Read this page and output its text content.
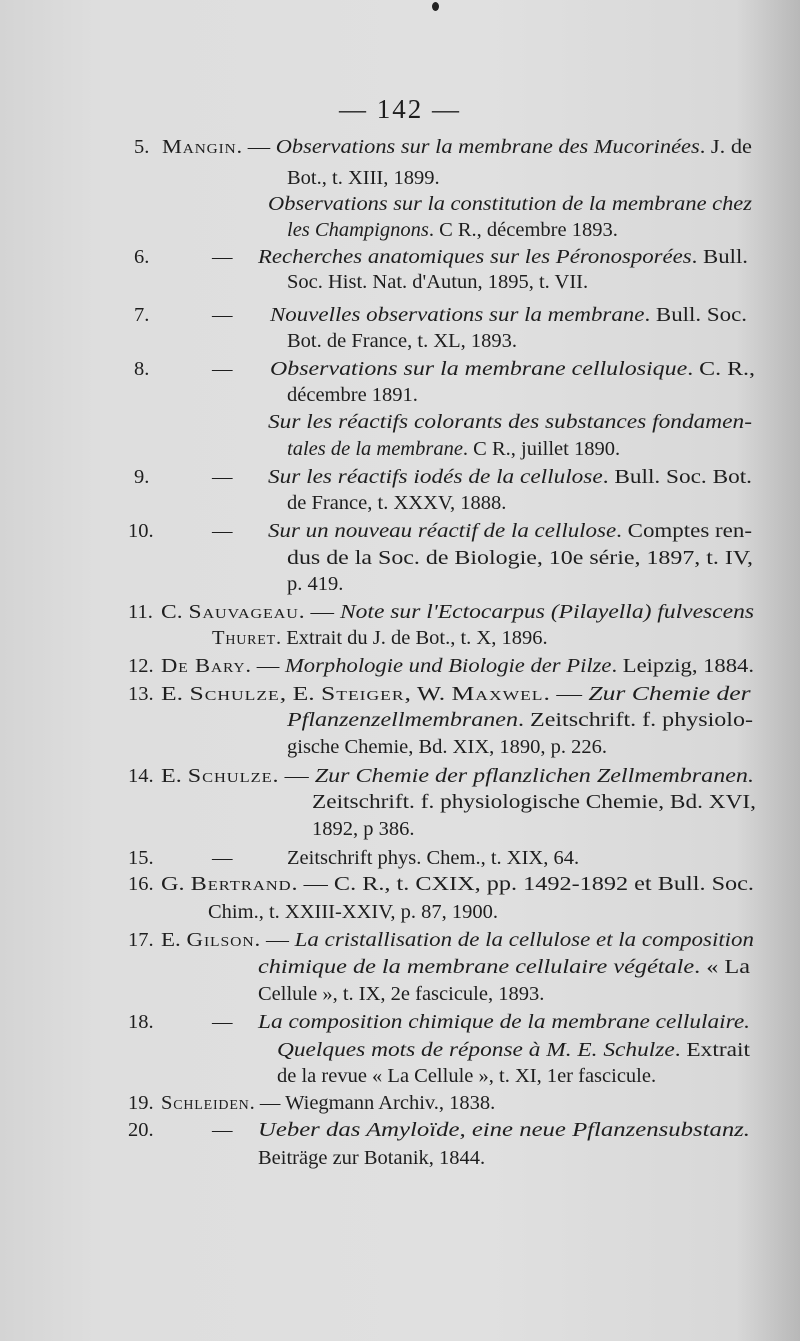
— 142 —
5. Mangin. — Observations sur la membrane des Mucorinées. J. de
Bot., t. XIII, 1899.
Observations sur la constitution de la membrane chez
les Champignons. C R., décembre 1893.
6.	— Recherches anatomiques sur les Péronosporées. Bull.
Soc. Hist. Nat. d'Autun, 1895, t. VII.
7.	— Nouvelles observations sur la membrane. Bull. Soc.
Bot. de France, t. XL, 1893.
8.	— Observations sur la membrane cellulosique. C. R.,
décembre 1891.
Sur les réactifs colorants des substances fondamen-
tales de la membrane. C R., juillet 1890.
9.	— Sur les réactifs iodés de la cellulose. Bull. Soc. Bot.
de France, t. XXXV, 1888.
10.	— Sur un nouveau réactif de la cellulose. Comptes ren-
dus de la Soc. de Biologie, 10e série, 1897, t. IV,
p. 419.
11. C. Sauvageau. — Note sur l'Ectocarpus (Pilayella) fulvescens
Thuret. Extrait du J. de Bot., t. X, 1896.
12. De Bary. — Morphologie und Biologie der Pilze. Leipzig, 1884.
13. E. Schulze, E. Steiger, W. Maxwel. — Zur Chemie der
Pflanzenzellmembranen. Zeitschrift. f. physiolo-
gische Chemie, Bd. XIX, 1890, p. 226.
14. E. Schulze. — Zur Chemie der pflanzlichen Zellmembranen.
Zeitschrift. f. physiologische Chemie, Bd. XVI,
1892, p 386.
15.	—	Zeitschrift phys. Chem., t. XIX, 64.
16. G. Bertrand. — C. R., t. CXIX, pp. 1492-1892 et Bull. Soc.
Chim., t. XXIII-XXIV, p. 87, 1900.
17. E. Gilson. — La cristallisation de la cellulose et la composition
chimique de la membrane cellulaire végétale. « La
Cellule », t. IX, 2e fascicule, 1893.
18.	— La composition chimique de la membrane cellulaire.
Quelques mots de réponse à M. E. Schulze. Extrait
de la revue « La Cellule », t. XI, 1er fascicule.
19. Schleiden. — Wiegmann Archiv., 1838.
20.	— Ueber das Amyloïde, eine neue Pflanzensubstanz.
Beiträge zur Botanik, 1844.
